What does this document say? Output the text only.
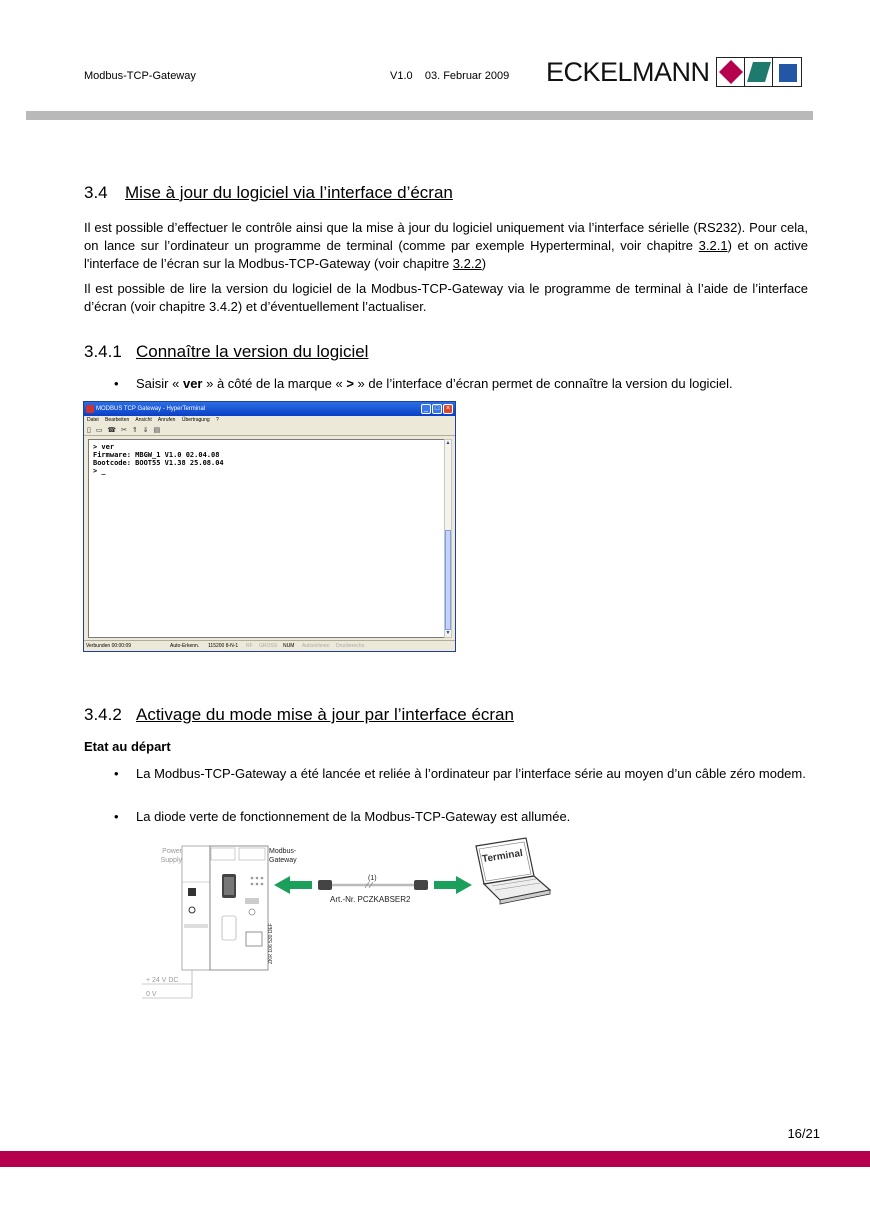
Modbus-TCP-Gateway	V1.0    03. Februar 2009 ECKELMANN
3.4 Mise à jour du logiciel via l’interface d’écran
Il est possible d’effectuer le contrôle ainsi que la mise à jour du logiciel uniquement via l’interface sérielle (RS232). Pour cela, on lance sur l’ordinateur un programme de terminal (comme par exemple Hyperterminal, voir chapitre 3.2.1) et on active l'interface de l’écran sur la Modbus-TCP-Gateway (voir chapitre 3.2.2)
Il est possible de lire la version du logiciel de la Modbus-TCP-Gateway via le programme de terminal à l’aide de l’interface d’écran (voir chapitre 3.4.2) et d’éventuellement l’actualiser.
3.4.1 Connaître la version du logiciel
• Saisir « ver » à côté de la marque « > » de l’interface d’écran permet de connaître la version du logiciel.
MODBUS TCP Gateway - HyperTerminal	_ □ ×
Datei Bearbeiten Ansicht Anrufen Übertragung ?
▯ ▭ ☎ ✂ ⇑ ⇓ ▤
> ver
Firmware: MBGW_1 V1.0 02.04.08
Bootcode: BOOT55 V1.38 25.08.04
> _
▲
▼
Verbunden 00:00:09	Auto-Erkenn. 115200 8-N-1 RF GROSS NUM Aufzeichnen Druckerecho
3.4.2 Activage du mode mise à jour par l’interface écran
Etat au départ
• La Modbus-TCP-Gateway a été lancée et reliée à l’ordinateur par l’interface série au moyen d’un câble zéro modem.
• La diode verte de fonctionnement de la Modbus-TCP-Gateway est allumée.
Power
Supply
Modbus-
Gateway
ZKR 106 530 DEF
(1)
Art.-Nr. PCZKABSER2
Terminal
+ 24 V DC
0 V
16/21
